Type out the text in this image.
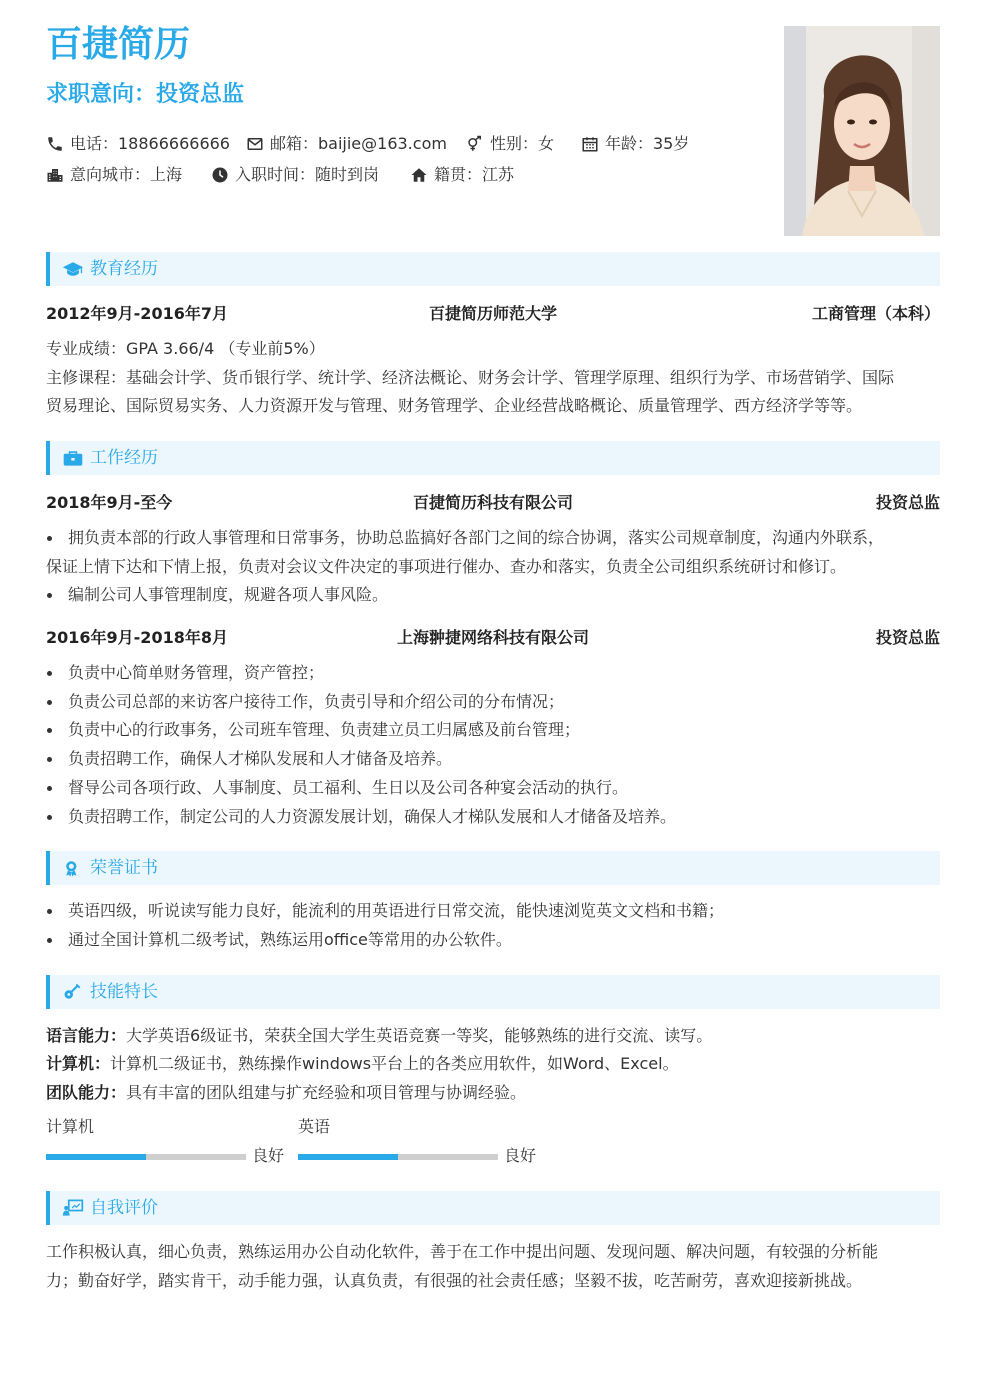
百捷简历
求职意向：投资总监
电话：18866666666	邮箱：baijie@163.com	性别：女	年龄：35岁
意向城市：上海	入职时间：随时到岗	籍贯：江苏
教育经历
2012年9月-2016年7月	百捷简历师范大学	工商管理（本科）
专业成绩：GPA 3.66/4 （专业前5%）
主修课程：基础会计学、货币银行学、统计学、经济法概论、财务会计学、管理学原理、组织行为学、市场营销学、国际
贸易理论、国际贸易实务、人力资源开发与管理、财务管理学、企业经营战略概论、质量管理学、西方经济学等等。
工作经历
2018年9月-至今	百捷简历科技有限公司	投资总监
拥负责本部的行政人事管理和日常事务，协助总监搞好各部门之间的综合协调，落实公司规章制度，沟通内外联系，
保证上情下达和下情上报，负责对会议文件决定的事项进行催办、查办和落实，负责全公司组织系统研讨和修订。
编制公司人事管理制度，规避各项人事风险。
2016年9月-2018年8月	上海翀捷网络科技有限公司	投资总监
负责中心简单财务管理，资产管控；
负责公司总部的来访客户接待工作，负责引导和介绍公司的分布情况；
负责中心的行政事务，公司班车管理、负责建立员工归属感及前台管理；
负责招聘工作，确保人才梯队发展和人才储备及培养。
督导公司各项行政、人事制度、员工福利、生日以及公司各种宴会活动的执行。
负责招聘工作，制定公司的人力资源发展计划，确保人才梯队发展和人才储备及培养。
荣誉证书
英语四级，听说读写能力良好，能流利的用英语进行日常交流，能快速浏览英文文档和书籍；
通过全国计算机二级考试，熟练运用office等常用的办公软件。
技能特长
语言能力：大学英语6级证书，荣获全国大学生英语竞赛一等奖，能够熟练的进行交流、读写。
计算机：计算机二级证书，熟练操作windows平台上的各类应用软件，如Word、Excel。
团队能力：具有丰富的团队组建与扩充经验和项目管理与协调经验。
计算机
良好
英语
良好
自我评价
工作积极认真，细心负责，熟练运用办公自动化软件，善于在工作中提出问题、发现问题、解决问题，有较强的分析能
力；勤奋好学，踏实肯干，动手能力强，认真负责，有很强的社会责任感；坚毅不拔，吃苦耐劳，喜欢迎接新挑战。
